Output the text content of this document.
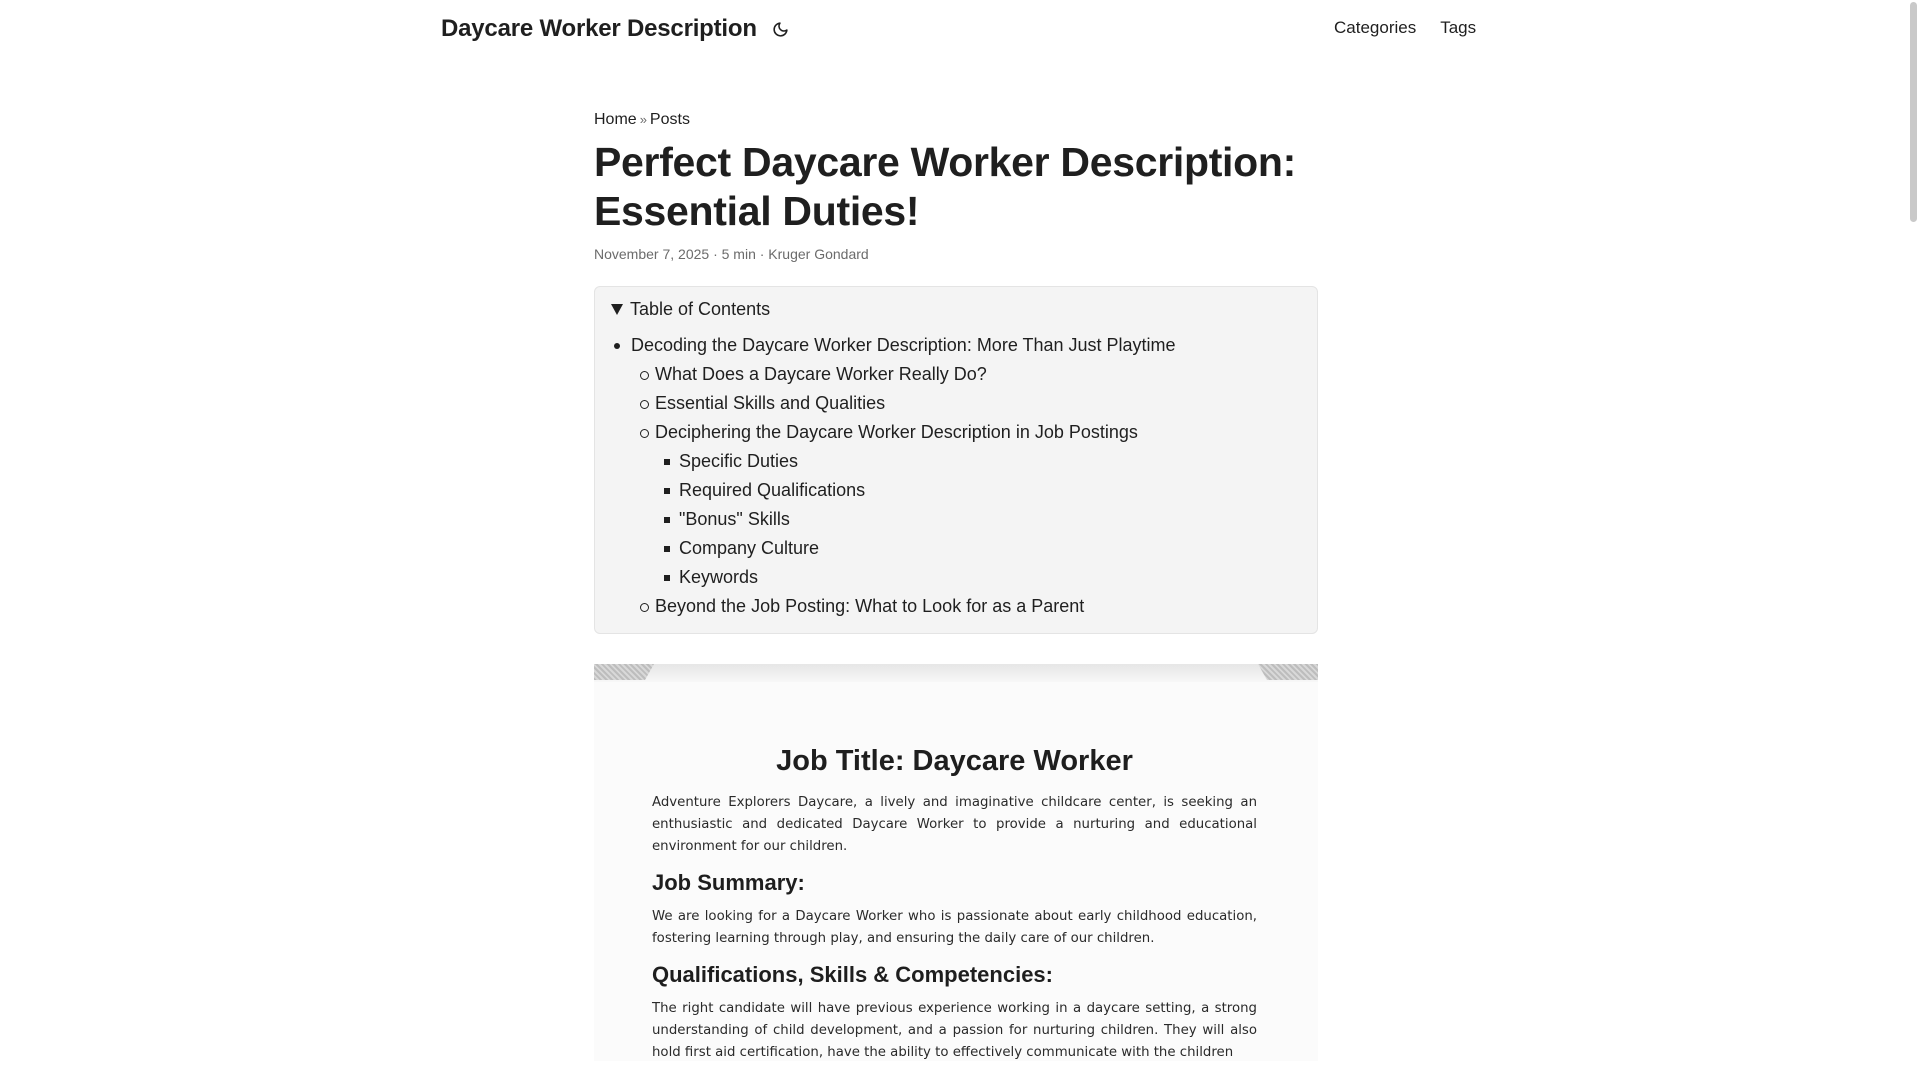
Daycare Worker Description	Categories Tags
Home » Posts
Perfect Daycare Worker Description: Essential Duties!
November 7, 2025 · 5 min · Kruger Gondard
Table of Contents
Decoding the Daycare Worker Description: More Than Just Playtime
What Does a Daycare Worker Really Do?
Essential Skills and Qualities
Deciphering the Daycare Worker Description in Job Postings
Specific Duties
Required Qualifications
"Bonus" Skills
Company Culture
Keywords
Beyond the Job Posting: What to Look for as a Parent
Job Title: Daycare Worker

Adventure Explorers Daycare, a lively and imaginative childcare center, is seeking an enthusiastic and dedicated Daycare Worker to provide a nurturing and educational environment for our children.

Job Summary:

We are looking for a Daycare Worker who is passionate about early childhood education, fostering learning through play, and ensuring the daily care of our children.

Qualifications, Skills & Competencies:

The right candidate will have previous experience working in a daycare setting, a strong understanding of child development, and a passion for nurturing children. They will also hold first aid certification, have the ability to effectively communicate with the children
